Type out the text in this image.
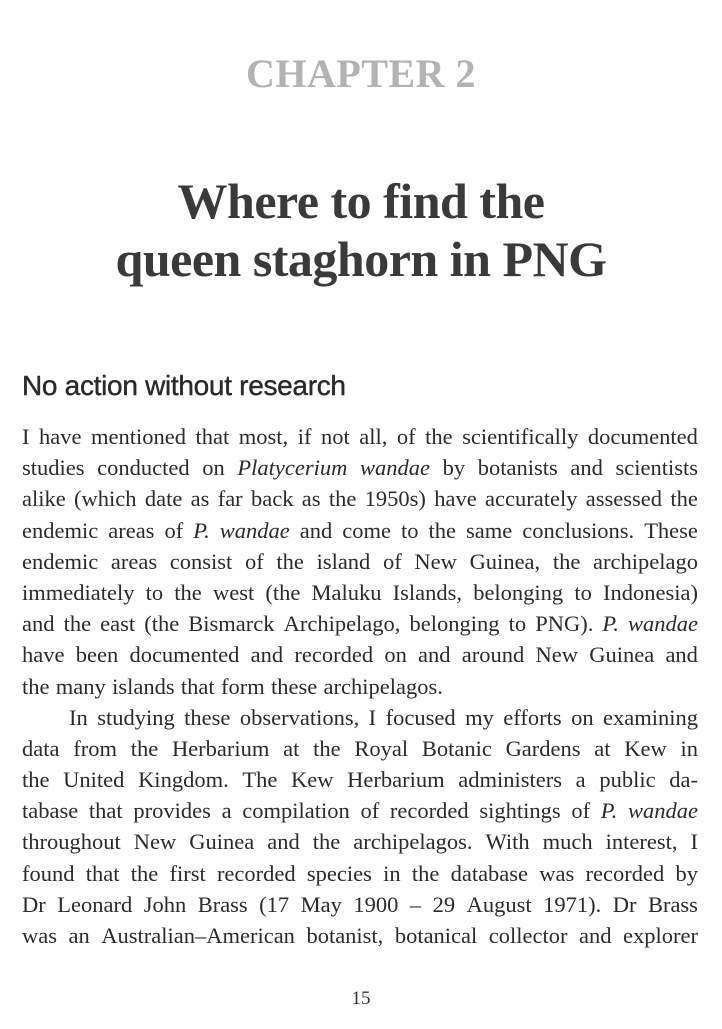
CHAPTER 2
Where to find the
queen staghorn in PNG
No action without research
I have mentioned that most, if not all, of the scientifically documented
studies conducted on Platycerium wandae by botanists and scientists
alike (which date as far back as the 1950s) have accurately assessed the
endemic areas of P. wandae and come to the same conclusions. These
endemic areas consist of the island of New Guinea, the archipelago
immediately to the west (the Maluku Islands, belonging to Indonesia)
and the east (the Bismarck Archipelago, belonging to PNG). P. wandae
have been documented and recorded on and around New Guinea and
the many islands that form these archipelagos.
In studying these observations, I focused my efforts on examining
data from the Herbarium at the Royal Botanic Gardens at Kew in
the United Kingdom. The Kew Herbarium administers a public da-
tabase that provides a compilation of recorded sightings of P. wandae
throughout New Guinea and the archipelagos. With much interest, I
found that the first recorded species in the database was recorded by
Dr Leonard John Brass (17 May 1900 – 29 August 1971). Dr Brass
was an Australian–American botanist, botanical collector and explorer
15
